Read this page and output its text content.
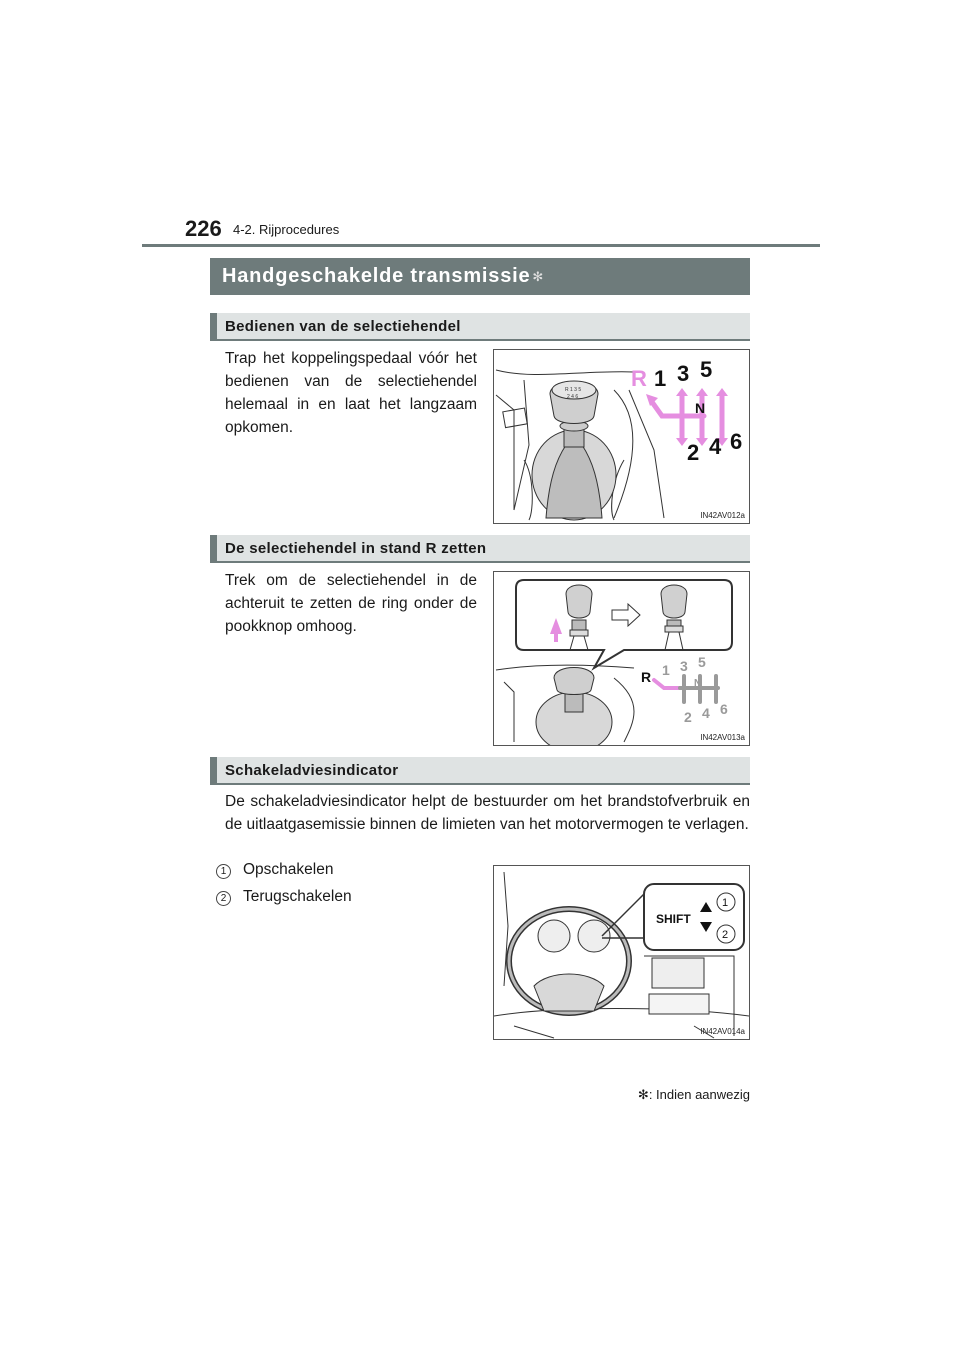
226 4-2. Rijprocedures
Handgeschakelde transmissie ✻
Bedienen van de selectiehendel
Trap het koppelingspedaal vóór het bedienen van de selectiehendel helemaal in en laat het langzaam opkomen.
R 1 3 5
2 4 6
R 1 3 5
N
2 4 6
IN42AV012a
De selectiehendel in stand R zetten
Trek om de selectiehendel in de achteruit te zetten de ring onder de pookknop omhoog.
R 1 3 5
N
2 4 6
IN42AV013a
Schakeladviesindicator
De schakeladviesindicator helpt de bestuurder om het brandstofverbruik en de uitlaatgasemissie binnen de limieten van het motorvermogen te verlagen.
1	Opschakelen
2	Terugschakelen
SHIFT
1
2
IN42AV014a
✻: Indien aanwezig
